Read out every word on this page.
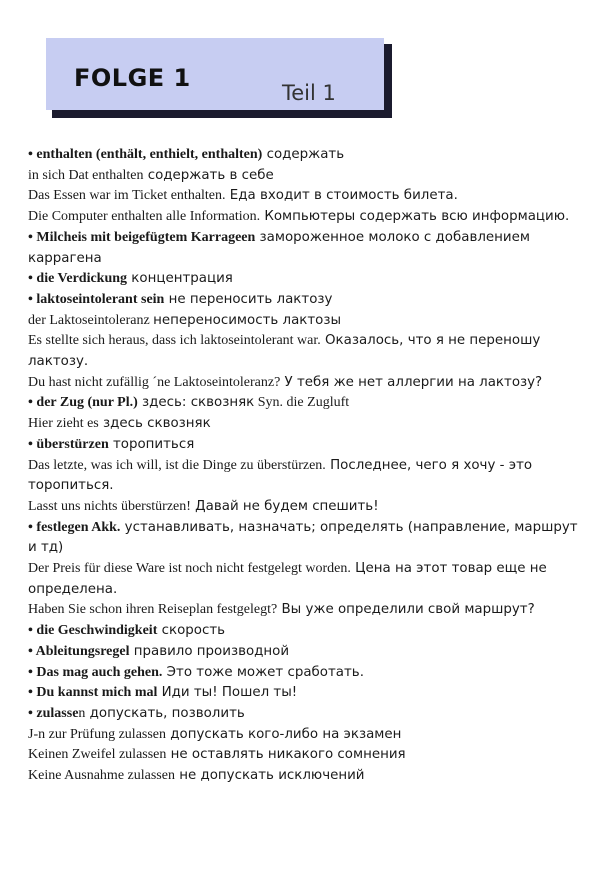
FOLGE 1
Teil 1

• enthalten (enthält, enthielt, enthalten) содержать

in sich Dat enthalten содержать в себе

Das Essen war im Ticket enthalten. Еда входит в стоимость билета.

Die Computer enthalten alle Information. Компьютеры содержать всю информацию.

• Milcheis mit beigefügtem Karrageen замороженное молоко с добавлением каррагена

• die Verdickung концентрация

• laktoseintolerant sein не переносить лактозу

der Laktoseintoleranz непереносимость лактозы

Es stellte sich heraus, dass ich laktoseintolerant war. Оказалось, что я не переношу лактозу.

Du hast nicht zufällig ´ne Laktoseintoleranz? У тебя же нет аллергии на лактозу?

• der Zug (nur Pl.) здесь: сквозняк Syn. die Zugluft

Hier zieht es здесь сквозняк

• überstürzen торопиться

Das letzte, was ich will, ist die Dinge zu überstürzen. Последнее, чего я хочу - это торопиться.

Lasst uns nichts überstürzen! Давай не будем спешить!

• festlegen Akk. устанавливать, назначать; определять (направление, маршрут и тд)

Der Preis für diese Ware ist noch nicht festgelegt worden. Цена на этот товар еще не определена.

Haben Sie schon ihren Reiseplan festgelegt? Вы уже определили свой маршрут?

• die Geschwindigkeit скорость

• Ableitungsregel правило производной

• Das mag auch gehen. Это тоже может сработать.

• Du kannst mich mal Иди ты! Пошел ты!

• zulassen допускать, позволить

J-n zur Prüfung zulassen допускать кого-либо на экзамен

Keinen Zweifel zulassen не оставлять никакого сомнения

Keine Ausnahme zulassen не допускать исключений
